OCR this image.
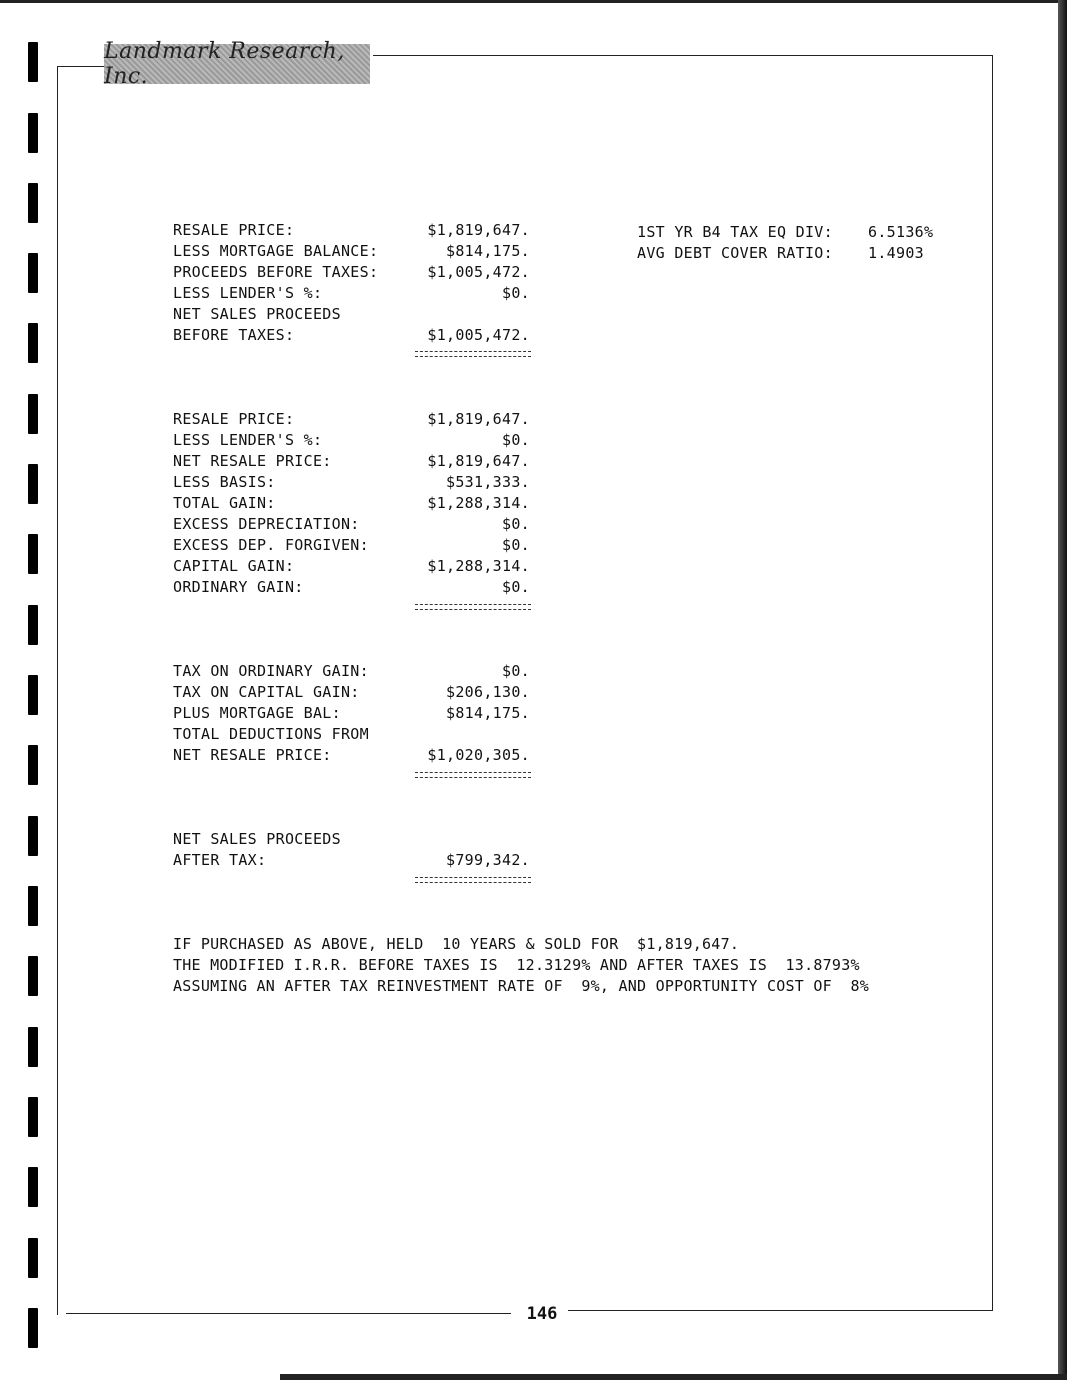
Landmark Research, Inc.
1ST YR B4 TAX EQ DIV: 6.5136%
AVG DEBT COVER RATIO: 1.4903
RESALE PRICE:	$1,819,647.
LESS MORTGAGE BALANCE:	$814,175.
PROCEEDS BEFORE TAXES:	$1,005,472.
LESS LENDER'S %:	$0.
NET SALES PROCEEDS
BEFORE TAXES:	$1,005,472.
RESALE PRICE:	$1,819,647.
LESS LENDER'S %:	$0.
NET RESALE PRICE:	$1,819,647.
LESS BASIS:	$531,333.
TOTAL GAIN:	$1,288,314.
EXCESS DEPRECIATION:	$0.
EXCESS DEP. FORGIVEN:	$0.
CAPITAL GAIN:	$1,288,314.
ORDINARY GAIN:	$0.
TAX ON ORDINARY GAIN:	$0.
TAX ON CAPITAL GAIN:	$206,130.
PLUS MORTGAGE BAL:	$814,175.
TOTAL DEDUCTIONS FROM
NET RESALE PRICE:	$1,020,305.
NET SALES PROCEEDS
AFTER TAX:	$799,342.
IF PURCHASED AS ABOVE, HELD  10 YEARS & SOLD FOR  $1,819,647.
THE MODIFIED I.R.R. BEFORE TAXES IS  12.3129% AND AFTER TAXES IS  13.8793%
ASSUMING AN AFTER TAX REINVESTMENT RATE OF  9%, AND OPPORTUNITY COST OF  8%
146
